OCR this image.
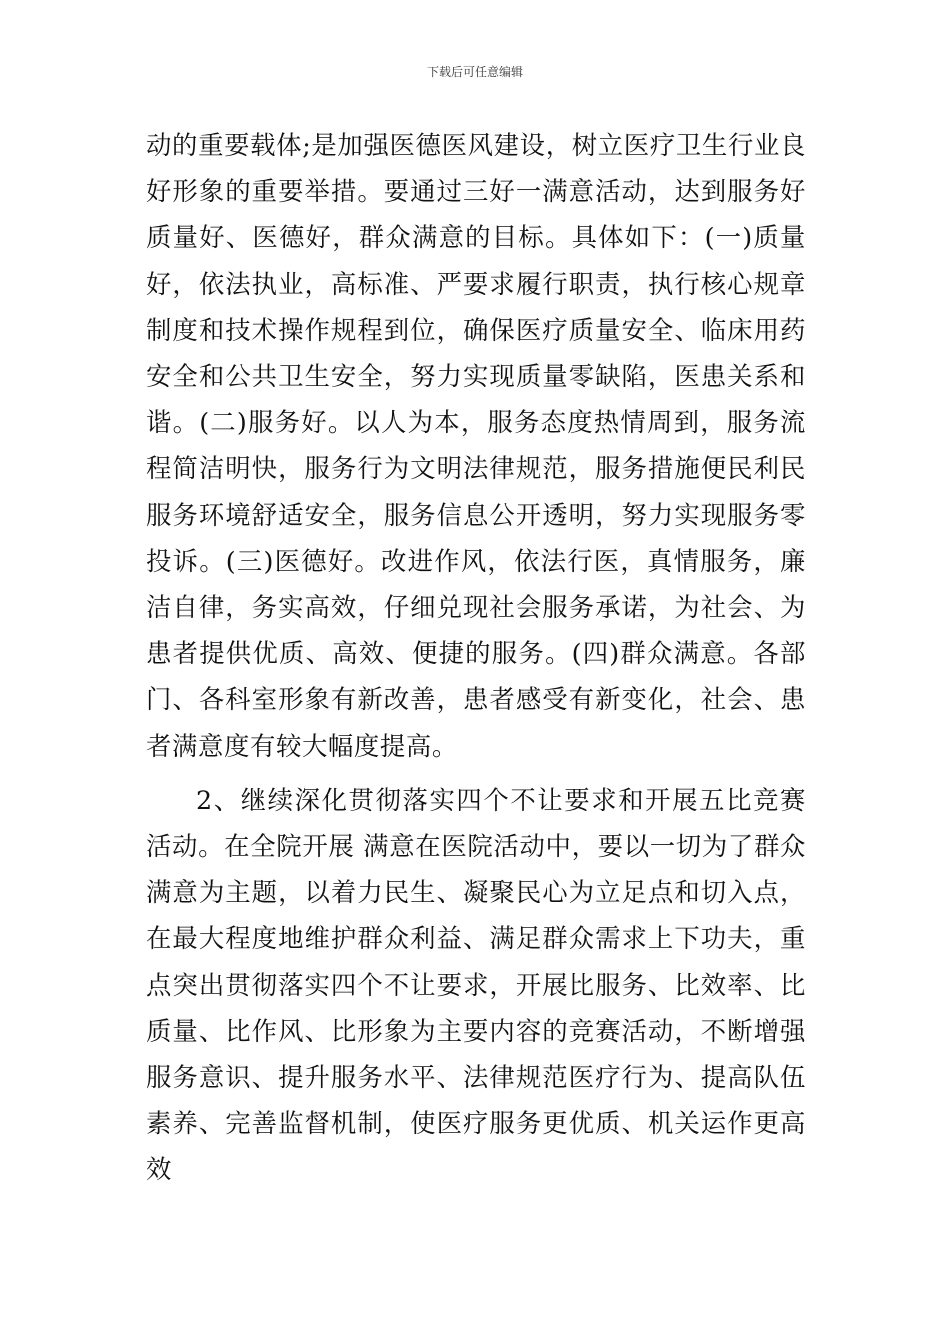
下载后可任意编辑

动的重要载体;是加强医德医风建设，树立医疗卫生行业良好形象的重要举措。要通过三好一满意活动，达到服务好质量好、医德好，群众满意的目标。具体如下：(一)质量好，依法执业，高标准、严要求履行职责，执行核心规章制度和技术操作规程到位，确保医疗质量安全、临床用药安全和公共卫生安全，努力实现质量零缺陷，医患关系和谐。(二)服务好。以人为本，服务态度热情周到，服务流程简洁明快，服务行为文明法律规范，服务措施便民利民服务环境舒适安全，服务信息公开透明，努力实现服务零投诉。(三)医德好。改进作风，依法行医，真情服务，廉洁自律，务实高效，仔细兑现社会服务承诺，为社会、为患者提供优质、高效、便捷的服务。(四)群众满意。各部门、各科室形象有新改善，患者感受有新变化，社会、患者满意度有较大幅度提高。

2、继续深化贯彻落实四个不让要求和开展五比竞赛活动。在全院开展 满意在医院活动中，要以一切为了群众满意为主题，以着力民生、凝聚民心为立足点和切入点，在最大程度地维护群众利益、满足群众需求上下功夫，重点突出贯彻落实四个不让要求，开展比服务、比效率、比质量、比作风、比形象为主要内容的竞赛活动，不断增强服务意识、提升服务水平、法律规范医疗行为、提高队伍素养、完善监督机制，使医疗服务更优质、机关运作更高效
